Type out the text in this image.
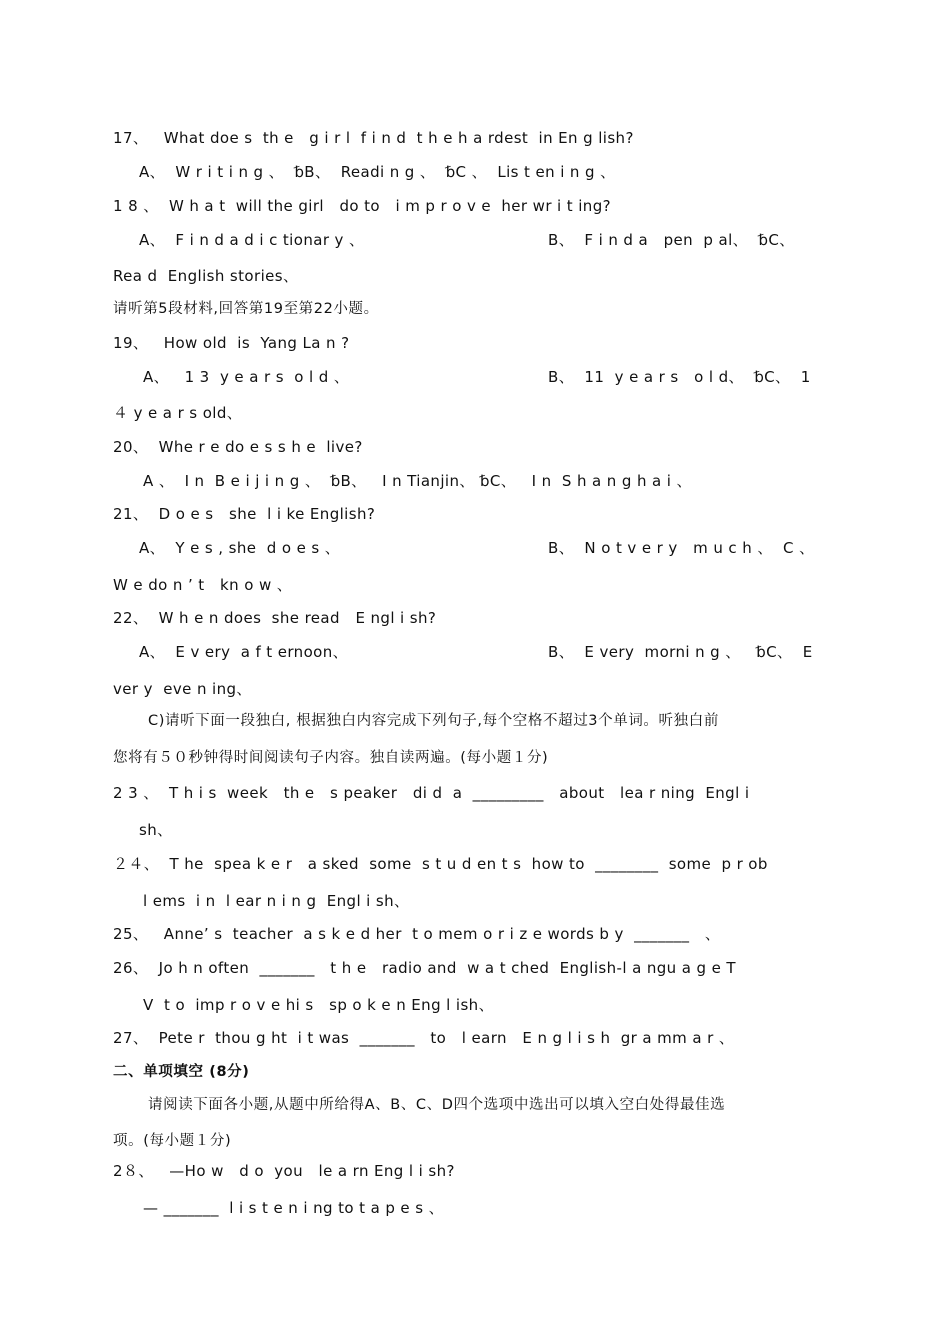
17、   What doe s  th e   g i r l  f i n d  t h e h a rdest  in En g lish?
A、  W r i t i n g 、  ␢B、  Readi n g 、  ␢C 、  Lis t en i n g 、
1 8 、  W h a t  will the girl   do to   i m p r o v e  her wr i t ing?
A、  F i n d a d i c tionar y 、	B、  F i n d a   pen  p al、  ␢C、
Rea d  English stories、
请听第5段材料,回答第19至第22小题。
19、   How old  is  Yang La n ?
A、   1 3  y e a r s  o l d 、	B、  11  y e a r s   o l d、  ␢C、  1
４ y e a r s old、
20、  Whe r e do e s s h e  live?
A 、  I n  B e i j i n g 、  ␢B、   I n Tianjin、 ␢C、   I n  S h a n g h a i 、
21、  D o e s   she  l i ke English?
A、  Y e s , she  d o e s 、	B、  N o t v e r y   m u c h 、  C 、
W e do n ’ t   kn o w 、
22、  W h e n does  she read   E ngl i sh?
A、  E v ery  a f t ernoon、	B、  E very  morni n g 、   ␢C、  E
ver y  eve n ing、
C)请听下面一段独白, 根据独白内容完成下列句子,每个空格不超过3个单词。听独白前
您将有５０秒钟得时间阅读句子内容。独自读两遍。(每小题１分)
2 3 、  T h i s  week   th e   s peaker   di d  a  _________   about   lea r ning  Engl i
sh、
２４、  T he  spea k e r   a sked  some  s t u d en t s  how to  ________  some  p r ob
l ems  i n  l ear n i n g  Engl i sh、
25、   Anne’ s  teacher  a s k e d her  t o mem o r i z e words b y  _______   、
26、  Jo h n often  _______   t h e   radio and  w a t ched  English-l a ngu a g e T
V  t o  imp r o v e hi s   sp o k e n Eng l ish、
27、  Pete r  thou g ht  i t was  _______   to   l earn   E n g l i s h  gr a mm a r 、
二、单项填空 (8分)
请阅读下面各小题,从题中所给得A、B、C、D四个选项中选出可以填入空白处得最佳选
项。(每小题１分)
2８、   —Ho w   d o  you   le a rn Eng l i sh?
— _______  l i s t e n i ng to t a p e s 、
